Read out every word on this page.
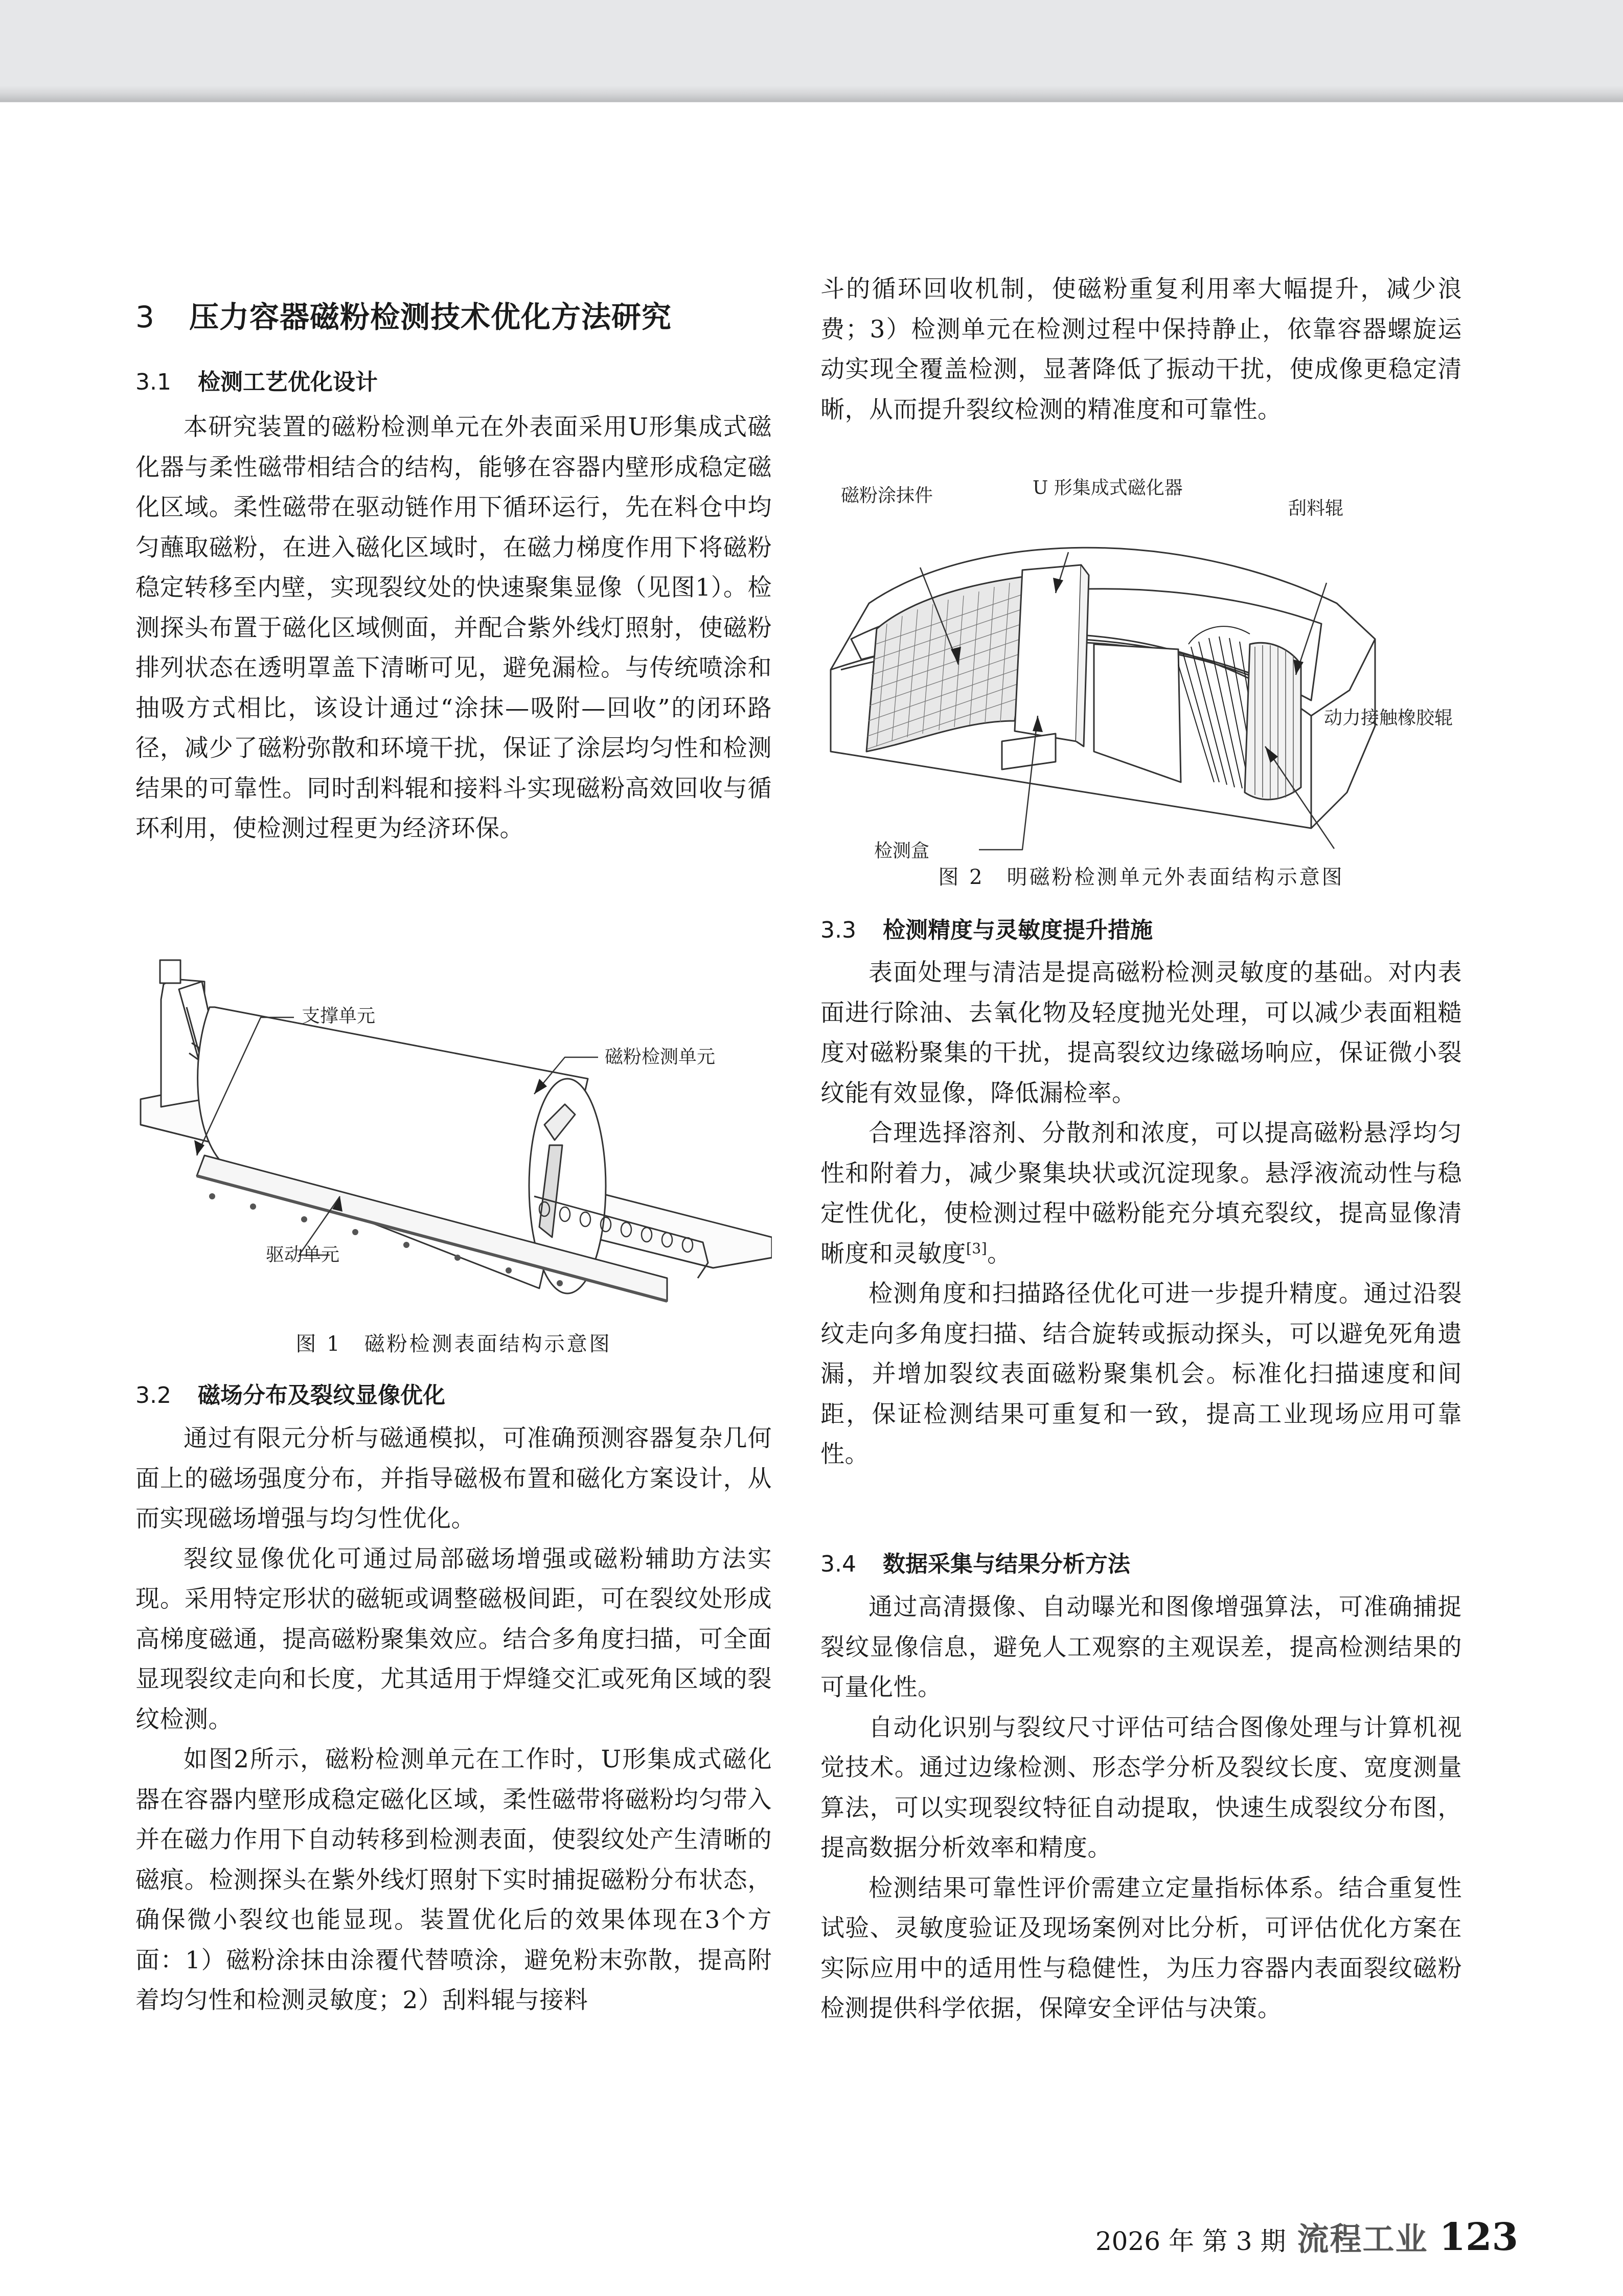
3 压力容器磁粉检测技术优化方法研究
3.1 检测工艺优化设计

本研究装置的磁粉检测单元在外表面采用U形集成式磁化器与柔性磁带相结合的结构，能够在容器内壁形成稳定磁化区域。柔性磁带在驱动链作用下循环运行，先在料仓中均匀蘸取磁粉，在进入磁化区域时，在磁力梯度作用下将磁粉稳定转移至内壁，实现裂纹处的快速聚集显像（见图1）。检测探头布置于磁化区域侧面，并配合紫外线灯照射，使磁粉排列状态在透明罩盖下清晰可见，避免漏检。与传统喷涂和抽吸方式相比，该设计通过“涂抹—吸附—回收”的闭环路径，减少了磁粉弥散和环境干扰，保证了涂层均匀性和检测结果的可靠性。同时刮料辊和接料斗实现磁粉高效回收与循环利用，使检测过程更为经济环保。

支撑单元
磁粉检测单元
驱动单元
图 1　磁粉检测表面结构示意图
3.2 磁场分布及裂纹显像优化

通过有限元分析与磁通模拟，可准确预测容器复杂几何面上的磁场强度分布，并指导磁极布置和磁化方案设计，从而实现磁场增强与均匀性优化。

裂纹显像优化可通过局部磁场增强或磁粉辅助方法实现。采用特定形状的磁轭或调整磁极间距，可在裂纹处形成高梯度磁通，提高磁粉聚集效应。结合多角度扫描，可全面显现裂纹走向和长度，尤其适用于焊缝交汇或死角区域的裂纹检测。

如图2所示，磁粉检测单元在工作时，U形集成式磁化器在容器内壁形成稳定磁化区域，柔性磁带将磁粉均匀带入并在磁力作用下自动转移到检测表面，使裂纹处产生清晰的磁痕。检测探头在紫外线灯照射下实时捕捉磁粉分布状态，确保微小裂纹也能显现。装置优化后的效果体现在3个方面：1）磁粉涂抹由涂覆代替喷涂，避免粉末弥散，提高附着均匀性和检测灵敏度；2）刮料辊与接料

斗的循环回收机制，使磁粉重复利用率大幅提升，减少浪费；3）检测单元在检测过程中保持静止，依靠容器螺旋运动实现全覆盖检测，显著降低了振动干扰，使成像更稳定清晰，从而提升裂纹检测的精准度和可靠性。

磁粉涂抹件	U 形集成式磁化器
刮料辊
动力接触橡胶辊
检测盒
图 2　明磁粉检测单元外表面结构示意图
3.3 检测精度与灵敏度提升措施

表面处理与清洁是提高磁粉检测灵敏度的基础。对内表面进行除油、去氧化物及轻度抛光处理，可以减少表面粗糙度对磁粉聚集的干扰，提高裂纹边缘磁场响应，保证微小裂纹能有效显像，降低漏检率。

合理选择溶剂、分散剂和浓度，可以提高磁粉悬浮均匀性和附着力，减少聚集块状或沉淀现象。悬浮液流动性与稳定性优化，使检测过程中磁粉能充分填充裂纹，提高显像清晰度和灵敏度[3]。

检测角度和扫描路径优化可进一步提升精度。通过沿裂纹走向多角度扫描、结合旋转或振动探头，可以避免死角遗漏，并增加裂纹表面磁粉聚集机会。标准化扫描速度和间距，保证检测结果可重复和一致，提高工业现场应用可靠性。

3.4 数据采集与结果分析方法

通过高清摄像、自动曝光和图像增强算法，可准确捕捉裂纹显像信息，避免人工观察的主观误差，提高检测结果的可量化性。

自动化识别与裂纹尺寸评估可结合图像处理与计算机视觉技术。通过边缘检测、形态学分析及裂纹长度、宽度测量算法，可以实现裂纹特征自动提取，快速生成裂纹分布图，提高数据分析效率和精度。

检测结果可靠性评价需建立定量指标体系。结合重复性试验、灵敏度验证及现场案例对比分析，可评估优化方案在实际应用中的适用性与稳健性，为压力容器内表面裂纹磁粉检测提供科学依据，保障安全评估与决策。

2026 年 第 3 期 流程工业 123
